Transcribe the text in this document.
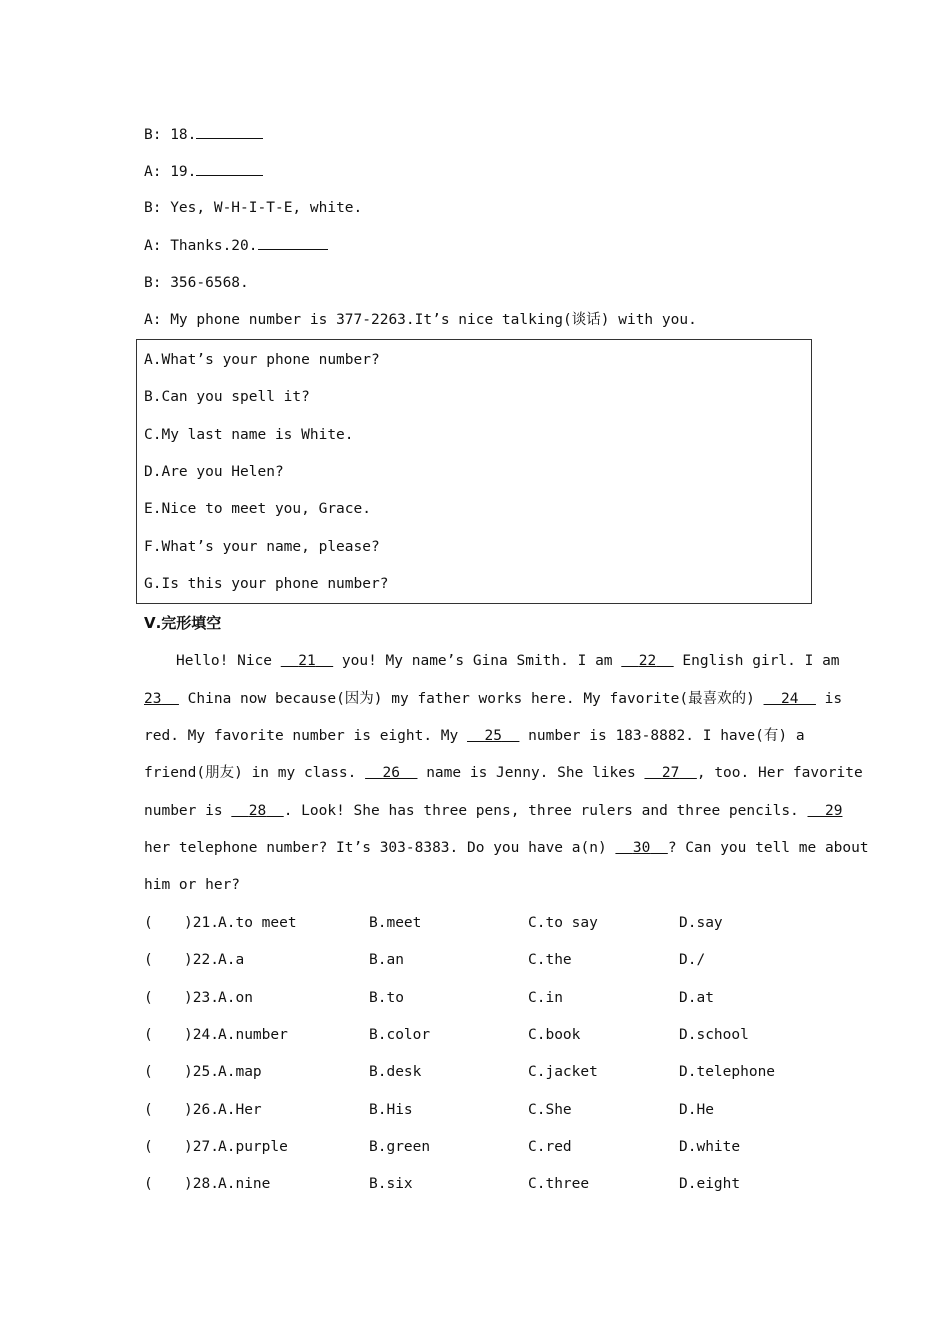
B: 18.
A: 19.
B: Yes, W-H-I-T-E, white.
A: Thanks.20.
B: 356-6568.
A: My phone number is 377-2263.It’s nice talking(谈话) with you.
A.What’s your phone number?
B.Can you spell it?
C.My last name is White.
D.Are you Helen?
E.Nice to meet you, Grace.
F.What’s your name, please?
G.Is this your phone number?
Ⅴ.完形填空
Hello! Nice   21   you! My name’s Gina Smith. I am   22   English girl. I am
23   China now because(因为) my father works here. My favorite(最喜欢的)   24   is
red. My favorite number is eight. My   25   number is 183-8882. I have(有) a
friend(朋友) in my class.   26   name is Jenny. She likes   27 , too. Her favorite
number is   28 . Look! She has three pens, three rulers and three pencils.   29
her telephone number? It’s 303-8383. Do you have a(n)   30 ? Can you tell me about
him or her?
( )21. A.to meet	B.meet	C.to say	D.say
( )22. A.a	B.an	C.the	D./
( )23. A.on	B.to	C.in	D.at
( )24. A.number	B.color	C.book	D.school
( )25. A.map	B.desk	C.jacket	D.telephone
( )26. A.Her	B.His	C.She	D.He
( )27. A.purple	B.green	C.red	D.white
( )28. A.nine	B.six	C.three	D.eight
